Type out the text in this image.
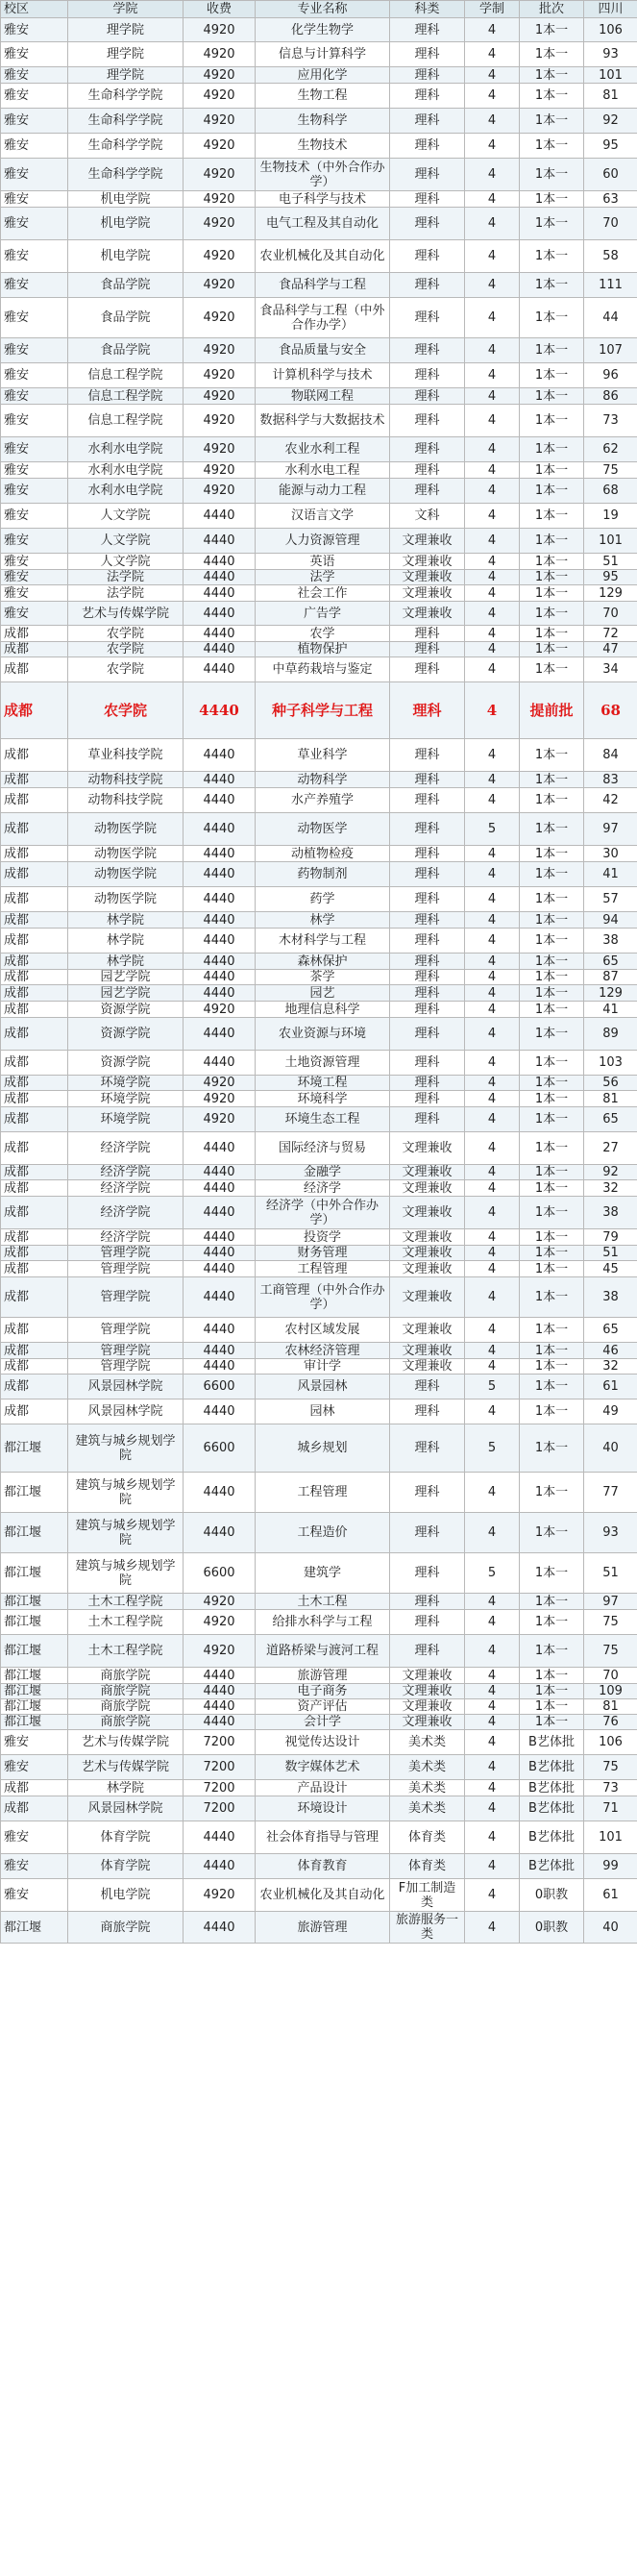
校区	学院	收费	专业名称	科类	学制	批次	四川
雅安	理学院	4920	化学生物学	理科	4	1本一	106
雅安	理学院	4920	信息与计算科学	理科	4	1本一	93
雅安	理学院	4920	应用化学	理科	4	1本一	101
雅安	生命科学学院	4920	生物工程	理科	4	1本一	81
雅安	生命科学学院	4920	生物科学	理科	4	1本一	92
雅安	生命科学学院	4920	生物技术	理科	4	1本一	95
雅安	生命科学学院	4920	生物技术（中外合作办学）	理科	4	1本一	60
雅安	机电学院	4920	电子科学与技术	理科	4	1本一	63
雅安	机电学院	4920	电气工程及其自动化	理科	4	1本一	70
雅安	机电学院	4920	农业机械化及其自动化	理科	4	1本一	58
雅安	食品学院	4920	食品科学与工程	理科	4	1本一	111
雅安	食品学院	4920	食品科学与工程（中外合作办学）	理科	4	1本一	44
雅安	食品学院	4920	食品质量与安全	理科	4	1本一	107
雅安	信息工程学院	4920	计算机科学与技术	理科	4	1本一	96
雅安	信息工程学院	4920	物联网工程	理科	4	1本一	86
雅安	信息工程学院	4920	数据科学与大数据技术	理科	4	1本一	73
雅安	水利水电学院	4920	农业水利工程	理科	4	1本一	62
雅安	水利水电学院	4920	水利水电工程	理科	4	1本一	75
雅安	水利水电学院	4920	能源与动力工程	理科	4	1本一	68
雅安	人文学院	4440	汉语言文学	文科	4	1本一	19
雅安	人文学院	4440	人力资源管理	文理兼收	4	1本一	101
雅安	人文学院	4440	英语	文理兼收	4	1本一	51
雅安	法学院	4440	法学	文理兼收	4	1本一	95
雅安	法学院	4440	社会工作	文理兼收	4	1本一	129
雅安	艺术与传媒学院	4440	广告学	文理兼收	4	1本一	70
成都	农学院	4440	农学	理科	4	1本一	72
成都	农学院	4440	植物保护	理科	4	1本一	47
成都	农学院	4440	中草药栽培与鉴定	理科	4	1本一	34
成都	农学院	4440	种子科学与工程	理科	4	提前批	68
成都	草业科技学院	4440	草业科学	理科	4	1本一	84
成都	动物科技学院	4440	动物科学	理科	4	1本一	83
成都	动物科技学院	4440	水产养殖学	理科	4	1本一	42
成都	动物医学院	4440	动物医学	理科	5	1本一	97
成都	动物医学院	4440	动植物检疫	理科	4	1本一	30
成都	动物医学院	4440	药物制剂	理科	4	1本一	41
成都	动物医学院	4440	药学	理科	4	1本一	57
成都	林学院	4440	林学	理科	4	1本一	94
成都	林学院	4440	木材科学与工程	理科	4	1本一	38
成都	林学院	4440	森林保护	理科	4	1本一	65
成都	园艺学院	4440	茶学	理科	4	1本一	87
成都	园艺学院	4440	园艺	理科	4	1本一	129
成都	资源学院	4920	地理信息科学	理科	4	1本一	41
成都	资源学院	4440	农业资源与环境	理科	4	1本一	89
成都	资源学院	4440	土地资源管理	理科	4	1本一	103
成都	环境学院	4920	环境工程	理科	4	1本一	56
成都	环境学院	4920	环境科学	理科	4	1本一	81
成都	环境学院	4920	环境生态工程	理科	4	1本一	65
成都	经济学院	4440	国际经济与贸易	文理兼收	4	1本一	27
成都	经济学院	4440	金融学	文理兼收	4	1本一	92
成都	经济学院	4440	经济学	文理兼收	4	1本一	32
成都	经济学院	4440	经济学（中外合作办学）	文理兼收	4	1本一	38
成都	经济学院	4440	投资学	文理兼收	4	1本一	79
成都	管理学院	4440	财务管理	文理兼收	4	1本一	51
成都	管理学院	4440	工程管理	文理兼收	4	1本一	45
成都	管理学院	4440	工商管理（中外合作办学）	文理兼收	4	1本一	38
成都	管理学院	4440	农村区域发展	文理兼收	4	1本一	65
成都	管理学院	4440	农林经济管理	文理兼收	4	1本一	46
成都	管理学院	4440	审计学	文理兼收	4	1本一	32
成都	风景园林学院	6600	风景园林	理科	5	1本一	61
成都	风景园林学院	4440	园林	理科	4	1本一	49
都江堰	建筑与城乡规划学院	6600	城乡规划	理科	5	1本一	40
都江堰	建筑与城乡规划学院	4440	工程管理	理科	4	1本一	77
都江堰	建筑与城乡规划学院	4440	工程造价	理科	4	1本一	93
都江堰	建筑与城乡规划学院	6600	建筑学	理科	5	1本一	51
都江堰	土木工程学院	4920	土木工程	理科	4	1本一	97
都江堰	土木工程学院	4920	给排水科学与工程	理科	4	1本一	75
都江堰	土木工程学院	4920	道路桥梁与渡河工程	理科	4	1本一	75
都江堰	商旅学院	4440	旅游管理	文理兼收	4	1本一	70
都江堰	商旅学院	4440	电子商务	文理兼收	4	1本一	109
都江堰	商旅学院	4440	资产评估	文理兼收	4	1本一	81
都江堰	商旅学院	4440	会计学	文理兼收	4	1本一	76
雅安	艺术与传媒学院	7200	视觉传达设计	美术类	4	B艺体批	106
雅安	艺术与传媒学院	7200	数字媒体艺术	美术类	4	B艺体批	75
成都	林学院	7200	产品设计	美术类	4	B艺体批	73
成都	风景园林学院	7200	环境设计	美术类	4	B艺体批	71
雅安	体育学院	4440	社会体育指导与管理	体育类	4	B艺体批	101
雅安	体育学院	4440	体育教育	体育类	4	B艺体批	99
雅安	机电学院	4920	农业机械化及其自动化	F加工制造类	4	0职教	61
都江堰	商旅学院	4440	旅游管理	旅游服务一类	4	0职教	40
